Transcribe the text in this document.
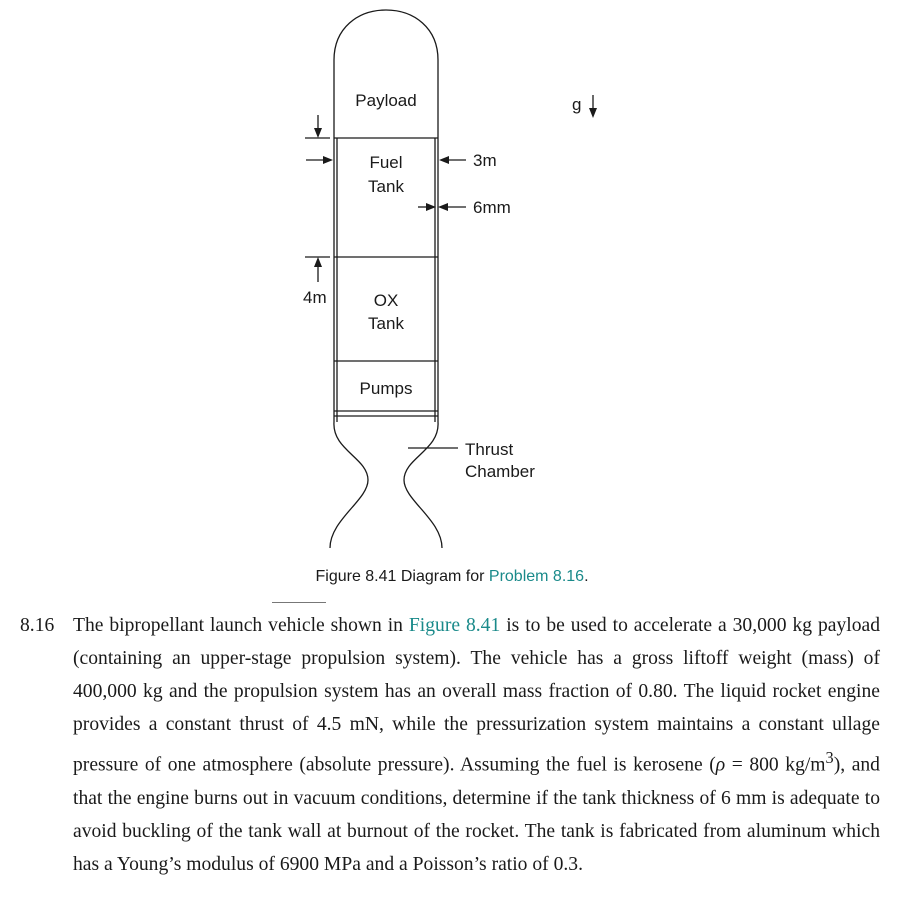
Payload
Fuel
Tank
OX
Tank
Pumps
Thrust
Chamber
g
3m
6mm
4m
Figure 8.41 Diagram for Problem 8.16.
8.16 The bipropellant launch vehicle shown in Figure 8.41 is to be used to accelerate a 30,000 kg payload (containing an upper-stage propulsion system). The vehicle has a gross liftoff weight (mass) of 400,000 kg and the propulsion system has an overall mass fraction of 0.80. The liquid rocket engine provides a constant thrust of 4.5 mN, while the pressurization system maintains a constant ullage pressure of one atmosphere (absolute pressure). Assuming the fuel is kerosene (ρ = 800 $kg/m^3$), and that the engine burns out in vacuum conditions, determine if the tank thickness of 6 mm is adequate to avoid buckling of the tank wall at burnout of the rocket. The tank is fabricated from aluminum which has a Young’s modulus of 6900 MPa and a Poisson’s ratio of 0.3.
